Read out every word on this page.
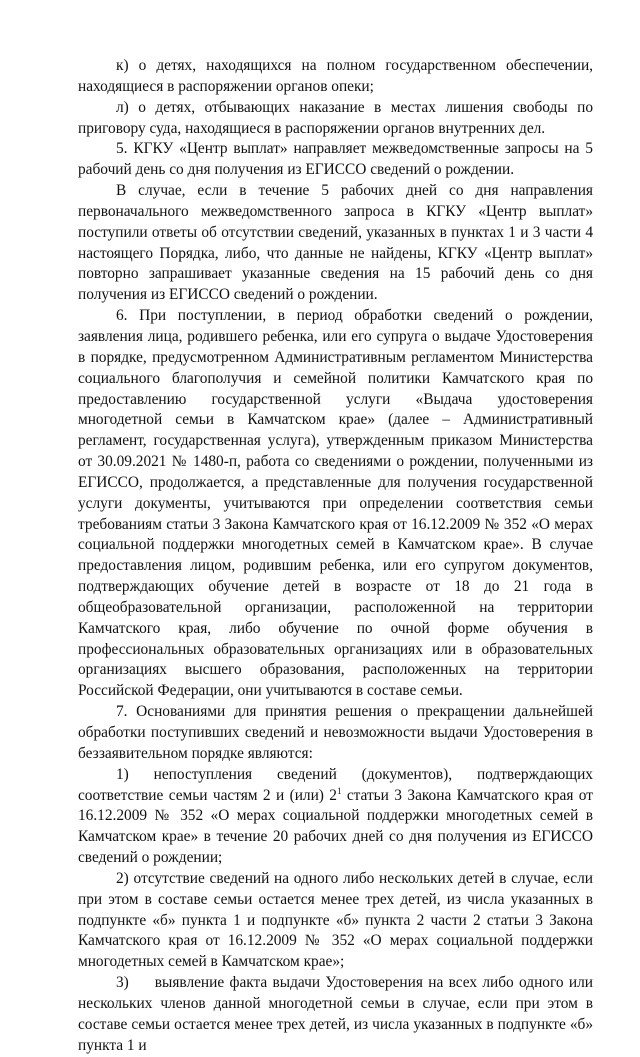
к) о детях, находящихся на полном государственном обеспечении, находящиеся в распоряжении органов опеки;

л) о детях, отбывающих наказание в местах лишения свободы по приговору суда, находящиеся в распоряжении органов внутренних дел.

5. КГКУ «Центр выплат» направляет межведомственные запросы на 5 рабочий день со дня получения из ЕГИССО сведений о рождении.

В случае, если в течение 5 рабочих дней со дня направления первоначального межведомственного запроса в КГКУ «Центр выплат» поступили ответы об отсутствии сведений, указанных в пунктах 1 и 3 части 4 настоящего Порядка, либо, что данные не найдены, КГКУ «Центр выплат» повторно запрашивает указанные сведения на 15 рабочий день со дня получения из ЕГИССО сведений о рождении.

6. При поступлении, в период обработки сведений о рождении, заявления лица, родившего ребенка, или его супруга о выдаче Удостоверения в порядке, предусмотренном Административным регламентом Министерства социального благополучия и семейной политики Камчатского края по предоставлению государственной услуги «Выдача удостоверения многодетной семьи в Камчатском крае» (далее – Административный регламент, государственная услуга), утвержденным приказом Министерства от 30.09.2021 № 1480-п, работа со сведениями о рождении, полученными из ЕГИССО, продолжается, а представленные для получения государственной услуги документы, учитываются при определении соответствия семьи требованиям статьи 3 Закона Камчатского края от 16.12.2009 № 352 «О мерах социальной поддержки многодетных семей в Камчатском крае». В случае предоставления лицом, родившим ребенка, или его супругом документов, подтверждающих обучение детей в возрасте от 18 до 21 года в общеобразовательной организации, расположенной на территории Камчатского края, либо обучение по очной форме обучения в профессиональных образовательных организациях или в образовательных организациях высшего образования, расположенных на территории Российской Федерации, они учитываются в составе семьи.

7. Основаниями для принятия решения о прекращении дальнейшей обработки поступивших сведений и невозможности выдачи Удостоверения в беззаявительном порядке являются:

1) непоступления сведений (документов), подтверждающих соответствие семьи частям 2 и (или) $2^1$ статьи 3 Закона Камчатского края от 16.12.2009 № 352 «О мерах социальной поддержки многодетных семей в Камчатском крае» в течение 20 рабочих дней со дня получения из ЕГИССО сведений о рождении;

2) отсутствие сведений на одного либо нескольких детей в случае, если при этом в составе семьи остается менее трех детей, из числа указанных в подпункте «б» пункта 1 и подпункте «б» пункта 2 части 2 статьи 3 Закона Камчатского края от 16.12.2009 № 352 «О мерах социальной поддержки многодетных семей в Камчатском крае»;

3) выявление факта выдачи Удостоверения на всех либо одного или нескольких членов данной многодетной семьи в случае, если при этом в составе семьи остается менее трех детей, из числа указанных в подпункте «б» пункта 1 и
